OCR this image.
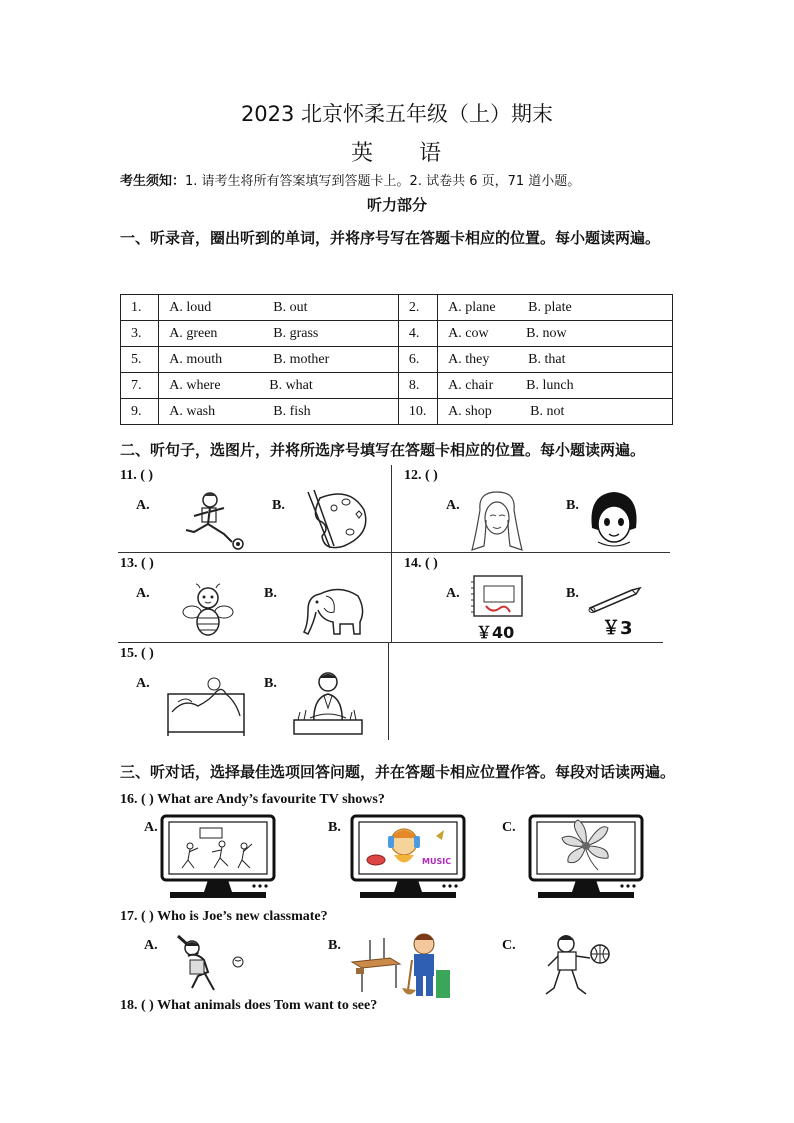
2023 北京怀柔五年级（上）期末
英 语
考生须知：1. 请考生将所有答案填写到答题卡上。2. 试卷共 6 页，71 道小题。
听力部分
一、听录音，圈出听到的单词，并将序号写在答题卡相应的位置。每小题读两遍。
1.	A. loud B. out	2.	A. plane B. plate
3.	A. green B. grass	4.	A. cow B. now
5.	A. mouth B. mother	6.	A. they B. that
7.	A. where B. what	8.	A. chair B. lunch
9.	A. wash B. fish	10.	A. shop B. not
二、听句子，选图片，并将所选序号填写在答题卡相应的位置。每小题读两遍。
11. ( )
A.	B.
12. ( )
A.	B.
13. ( )
A.	B.
14. ( )
A.
￥40
B.
￥3
15. ( )
A.	B.
三、听对话，选择最佳选项回答问题，并在答题卡相应位置作答。每段对话读两遍。
16. ( ) What are Andy’s favourite TV shows?
A.	B.
MUSIC
C.
17. ( ) Who is Joe’s new classmate?
A.	B.	C.
18. ( ) What animals does Tom want to see?
